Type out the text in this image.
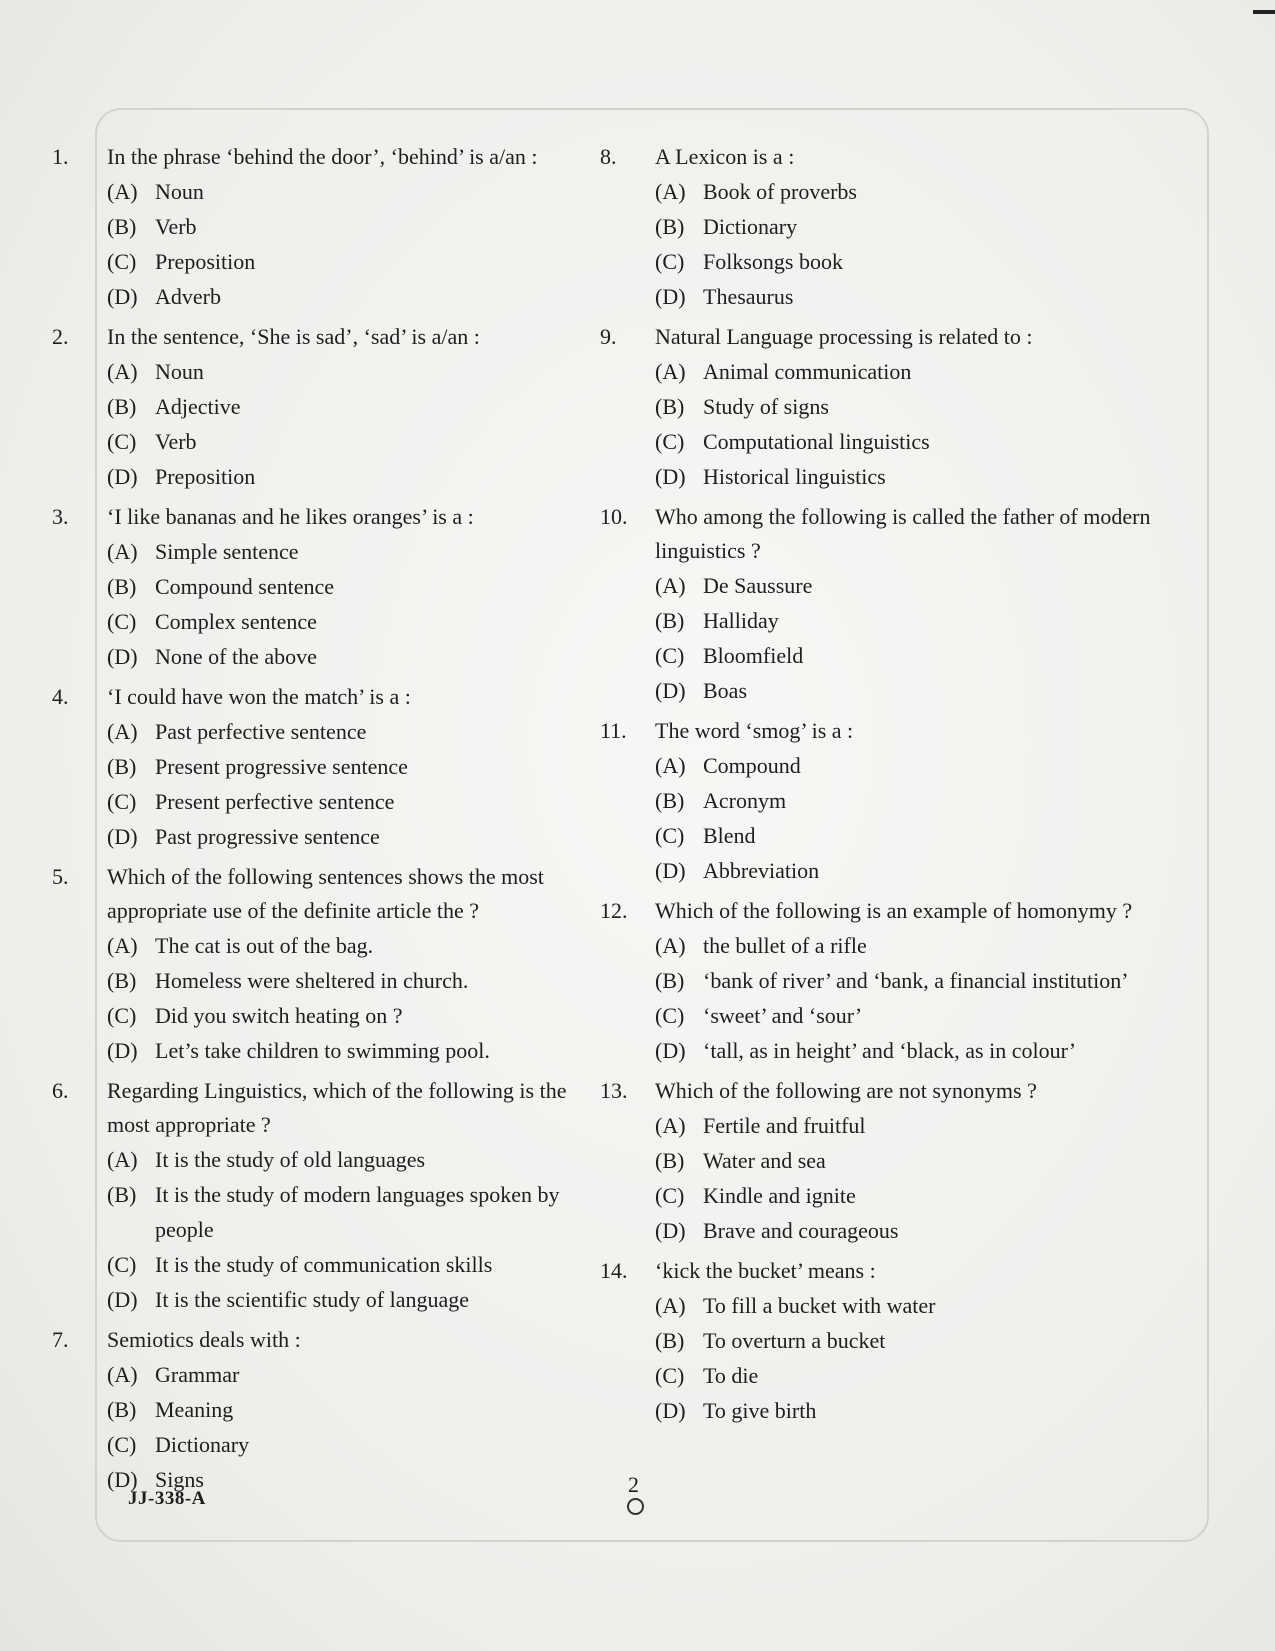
1.	In the phrase ‘behind the door’, ‘behind’ is a/an :
(A) Noun
(B) Verb
(C) Preposition
(D) Adverb
2.	In the sentence, ‘She is sad’, ‘sad’ is a/an :
(A) Noun
(B) Adjective
(C) Verb
(D) Preposition
3.	‘I like bananas and he likes oranges’ is a :
(A) Simple sentence
(B) Compound sentence
(C) Complex sentence
(D) None of the above
4.	‘I could have won the match’ is a :
(A) Past perfective sentence
(B) Present progressive sentence
(C) Present perfective sentence
(D) Past progressive sentence
5.	Which of the following sentences shows the most appropriate use of the definite article the ?
(A) The cat is out of the bag.
(B) Homeless were sheltered in church.
(C) Did you switch heating on ?
(D) Let’s take children to swimming pool.
6.	Regarding Linguistics, which of the following is the most appropriate ?
(A) It is the study of old languages
(B) It is the study of modern languages spoken by people
(C) It is the study of communication skills
(D) It is the scientific study of language
7.	Semiotics deals with :
(A) Grammar
(B) Meaning
(C) Dictionary
(D) Signs
8.	A Lexicon is a :
(A) Book of proverbs
(B) Dictionary
(C) Folksongs book
(D) Thesaurus
9.	Natural Language processing is related to :
(A) Animal communication
(B) Study of signs
(C) Computational linguistics
(D) Historical linguistics
10.	Who among the following is called the father of modern linguistics ?
(A) De Saussure
(B) Halliday
(C) Bloomfield
(D) Boas
11.	The word ‘smog’ is a :
(A) Compound
(B) Acronym
(C) Blend
(D) Abbreviation
12.	Which of the following is an example of homonymy ?
(A) the bullet of a rifle
(B) ‘bank of river’ and ‘bank, a financial institution’
(C) ‘sweet’ and ‘sour’
(D) ‘tall, as in height’ and ‘black, as in colour’
13.	Which of the following are not synonyms ?
(A) Fertile and fruitful
(B) Water and sea
(C) Kindle and ignite
(D) Brave and courageous
14.	‘kick the bucket’ means :
(A) To fill a bucket with water
(B) To overturn a bucket
(C) To die
(D) To give birth
JJ-338-A
2
